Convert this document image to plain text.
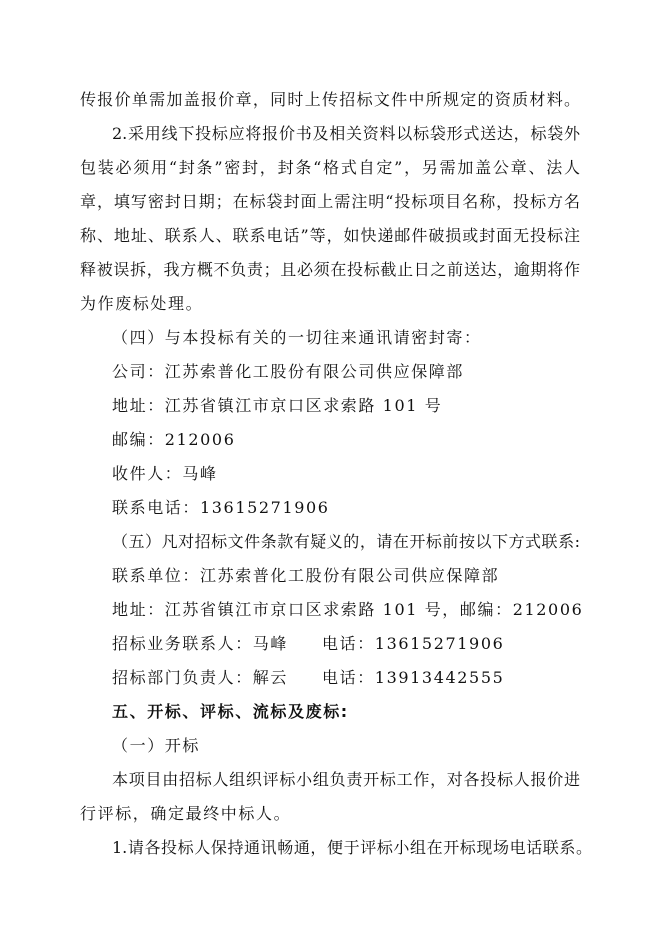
传报价单需加盖报价章，同时上传招标文件中所规定的资质材料。
2.采用线下投标应将报价书及相关资料以标袋形式送达，标袋外
包装必须用“封条”密封，封条“格式自定”，另需加盖公章、法人
章，填写密封日期；在标袋封面上需注明“投标项目名称，投标方名
称、地址、联系人、联系电话”等，如快递邮件破损或封面无投标注
释被误拆，我方概不负责；且必须在投标截止日之前送达，逾期将作
为作废标处理。
（四）与本投标有关的一切往来通讯请密封寄：
公司：江苏索普化工股份有限公司供应保障部
地址：江苏省镇江市京口区求索路 101 号
邮编：212006
收件人：马峰
联系电话：13615271906
（五）凡对招标文件条款有疑义的，请在开标前按以下方式联系:
联系单位：江苏索普化工股份有限公司供应保障部
地址：江苏省镇江市京口区求索路 101 号，邮编：212006
招标业务联系人：马峰 电话：13615271906
招标部门负责人：解云 电话：13913442555
五、开标、评标、流标及废标:
（一）开标
本项目由招标人组织评标小组负责开标工作，对各投标人报价进
行评标，确定最终中标人。
1.请各投标人保持通讯畅通，便于评标小组在开标现场电话联系。
